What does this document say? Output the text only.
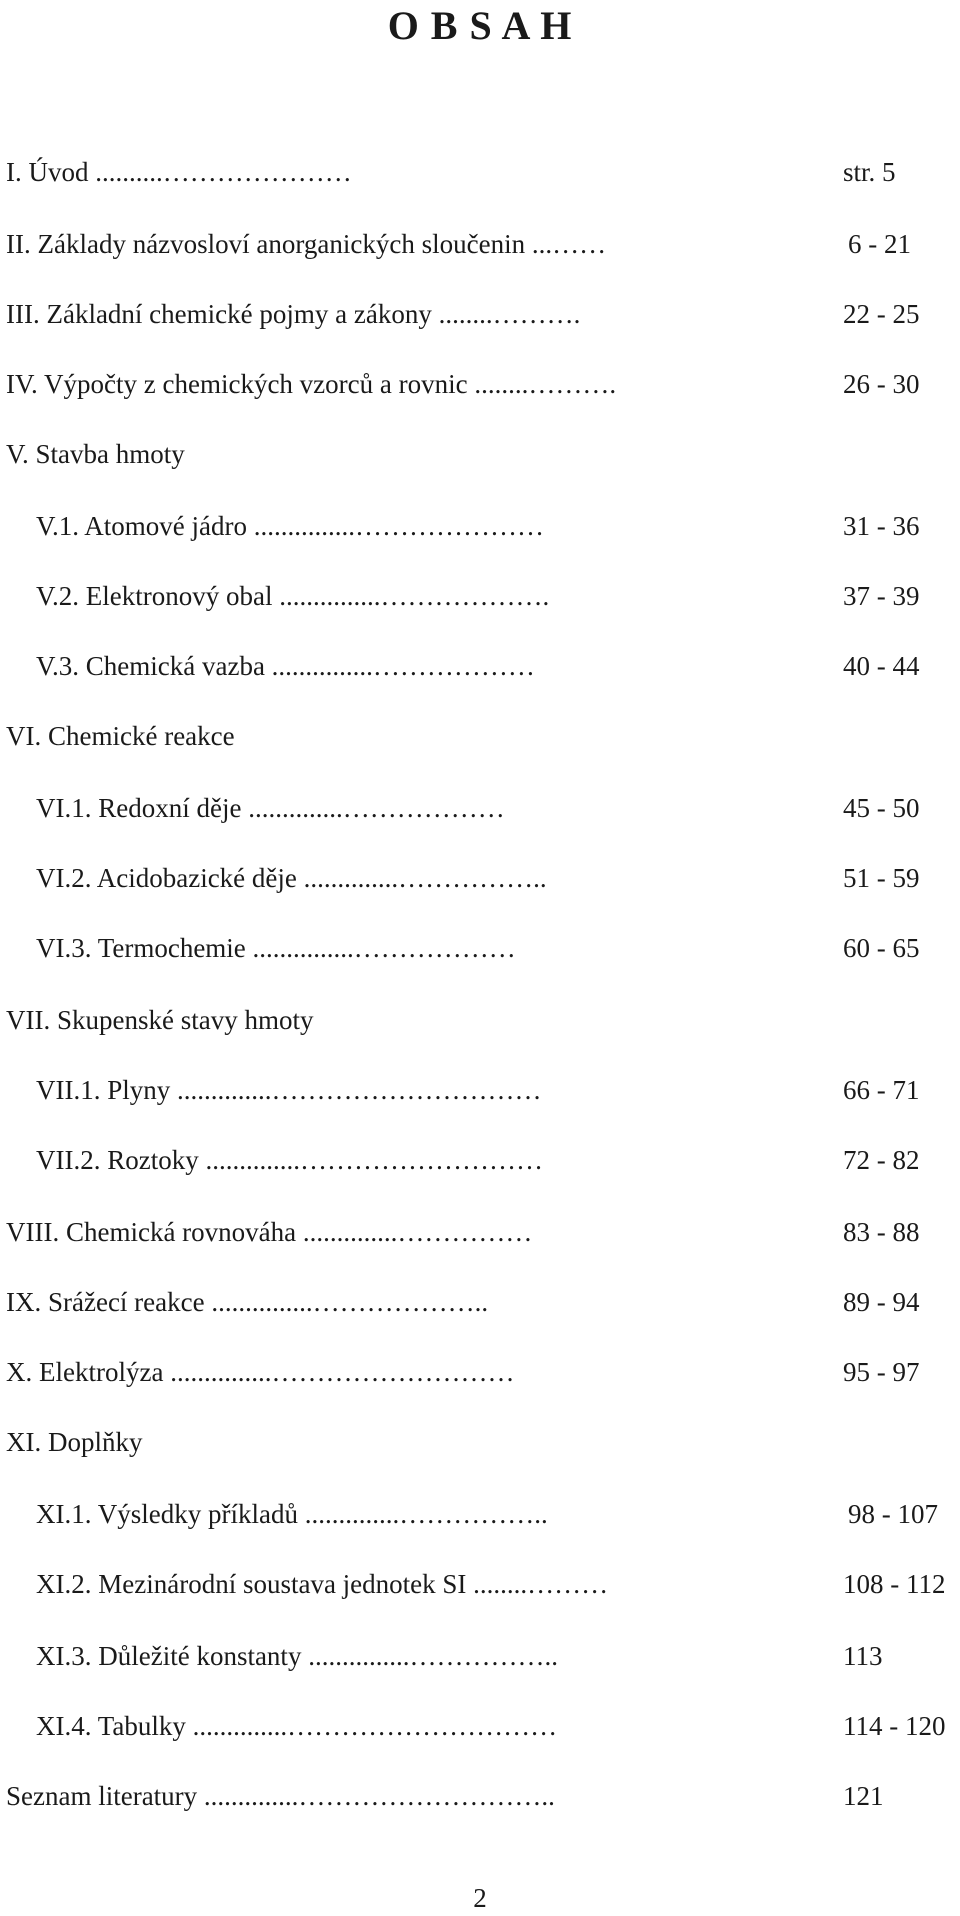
O B S A H
I. Úvod ..........…………………	str. 5
II. Základy názvosloví anorganických sloučenin ...……	6 - 21
III. Základní chemické pojmy a zákony ........……….	22 - 25
IV. Výpočty z chemických vzorců a rovnic ........……….	26 - 30
V. Stavba hmoty
V.1. Atomové jádro ...............…………………	31 - 36
V.2. Elektronový obal ...............……………….	37 - 39
V.3. Chemická vazba ...............………………	40 - 44
VI. Chemické reakce
VI.1. Redoxní děje ..............………………	45 - 50
VI.2. Acidobazické děje ..............……………..	51 - 59
VI.3. Termochemie ...............………………	60 - 65
VII. Skupenské stavy hmoty
VII.1. Plyny ..............…………………………	66 - 71
VII.2. Roztoky ..............………………………	72 - 82
VIII. Chemická rovnováha ..............……………	83 - 88
IX. Srážecí reakce ...............………………..	89 - 94
X. Elektrolýza ...............………………………	95 - 97
XI. Doplňky
XI.1. Výsledky příkladů ..............……………..	98 - 107
XI.2. Mezinárodní soustava jednotek SI ........………	108 - 112
XI.3. Důležité konstanty ...............……………..	113
XI.4. Tabulky ..............…………………………	114 - 120
Seznam literatury ..............………………………..	121
2
